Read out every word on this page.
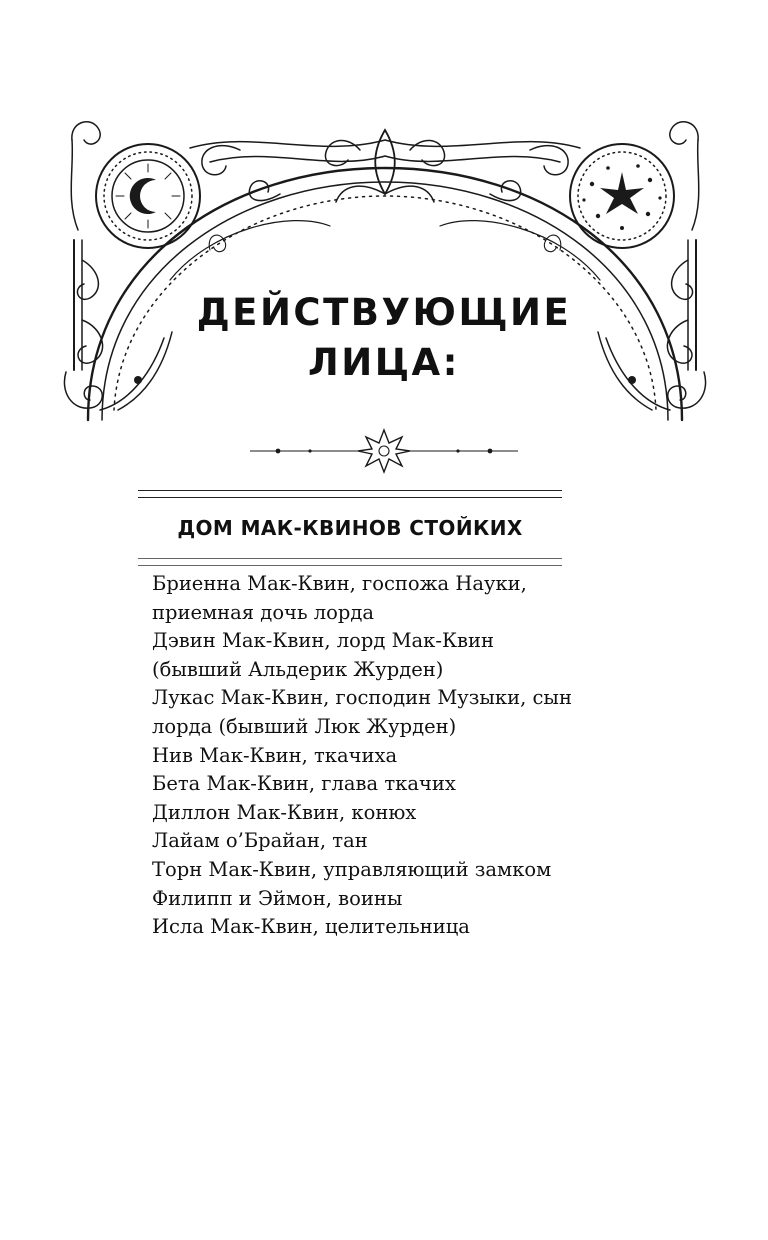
ДЕЙСТВУЮЩИЕ
ЛИЦА:
ДОМ МАК-КВИНОВ СТОЙКИХ
Бриенна Мак-Квин, госпожа Науки,
приемная дочь лорда
Дэвин Мак-Квин, лорд Мак-Квин
(бывший Альдерик Журден)
Лукас Мак-Квин, господин Музыки, сын
лорда (бывший Люк Журден)
Нив Мак-Квин, ткачиха
Бета Мак-Квин, глава ткачих
Диллон Мак-Квин, конюх
Лайам о’Брайан, тан
Торн Мак-Квин, управляющий замком
Филипп и Эймон, воины
Исла Мак-Квин, целительница
